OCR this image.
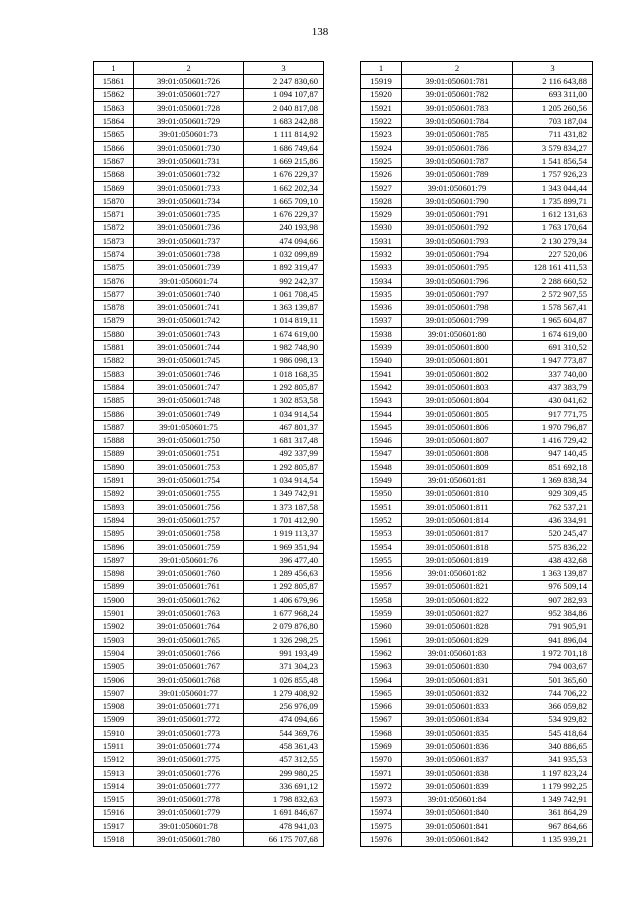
138
1	2	3
15861	39:01:050601:726	2 247 830,60
15862	39:01:050601:727	1 094 107,87
15863	39:01:050601:728	2 040 817,08
15864	39:01:050601:729	1 683 242,88
15865	39:01:050601:73	1 111 814,92
15866	39:01:050601:730	1 686 749,64
15867	39:01:050601:731	1 669 215,86
15868	39:01:050601:732	1 676 229,37
15869	39:01:050601:733	1 662 202,34
15870	39:01:050601:734	1 665 709,10
15871	39:01:050601:735	1 676 229,37
15872	39:01:050601:736	240 193,98
15873	39:01:050601:737	474 094,66
15874	39:01:050601:738	1 032 099,89
15875	39:01:050601:739	1 892 319,47
15876	39:01:050601:74	992 242,37
15877	39:01:050601:740	1 061 708,45
15878	39:01:050601:741	1 363 139,87
15879	39:01:050601:742	1 014 819,11
15880	39:01:050601:743	1 674 619,00
15881	39:01:050601:744	1 982 748,90
15882	39:01:050601:745	1 986 098,13
15883	39:01:050601:746	1 018 168,35
15884	39:01:050601:747	1 292 805,87
15885	39:01:050601:748	1 302 853,58
15886	39:01:050601:749	1 034 914,54
15887	39:01:050601:75	467 801,37
15888	39:01:050601:750	1 681 317,48
15889	39:01:050601:751	492 337,99
15890	39:01:050601:753	1 292 805,87
15891	39:01:050601:754	1 034 914,54
15892	39:01:050601:755	1 349 742,91
15893	39:01:050601:756	1 373 187,58
15894	39:01:050601:757	1 701 412,90
15895	39:01:050601:758	1 919 113,37
15896	39:01:050601:759	1 969 351,94
15897	39:01:050601:76	396 477,40
15898	39:01:050601:760	1 289 456,63
15899	39:01:050601:761	1 292 805,87
15900	39:01:050601:762	1 406 679,96
15901	39:01:050601:763	1 677 968,24
15902	39:01:050601:764	2 079 876,80
15903	39:01:050601:765	1 326 298,25
15904	39:01:050601:766	991 193,49
15905	39:01:050601:767	371 304,23
15906	39:01:050601:768	1 026 855,48
15907	39:01:050601:77	1 279 408,92
15908	39:01:050601:771	256 976,09
15909	39:01:050601:772	474 094,66
15910	39:01:050601:773	544 369,76
15911	39:01:050601:774	458 361,43
15912	39:01:050601:775	457 312,55
15913	39:01:050601:776	299 980,25
15914	39:01:050601:777	336 691,12
15915	39:01:050601:778	1 798 832,63
15916	39:01:050601:779	1 691 846,67
15917	39:01:050601:78	478 941,03
15918	39:01:050601:780	66 175 707,68
1	2	3
15919	39:01:050601:781	2 116 643,88
15920	39:01:050601:782	693 311,00
15921	39:01:050601:783	1 205 260,56
15922	39:01:050601:784	703 187,04
15923	39:01:050601:785	711 431,82
15924	39:01:050601:786	3 579 834,27
15925	39:01:050601:787	1 541 856,54
15926	39:01:050601:789	1 757 926,23
15927	39:01:050601:79	1 343 044,44
15928	39:01:050601:790	1 735 899,71
15929	39:01:050601:791	1 612 131,63
15930	39:01:050601:792	1 763 170,64
15931	39:01:050601:793	2 130 279,34
15932	39:01:050601:794	227 520,06
15933	39:01:050601:795	128 161 411,53
15934	39:01:050601:796	2 288 660,52
15935	39:01:050601:797	2 572 907,55
15936	39:01:050601:798	1 578 567,41
15937	39:01:050601:799	1 965 604,87
15938	39:01:050601:80	1 674 619,00
15939	39:01:050601:800	691 310,52
15940	39:01:050601:801	1 947 773,87
15941	39:01:050601:802	337 740,00
15942	39:01:050601:803	437 383,79
15943	39:01:050601:804	430 041,62
15944	39:01:050601:805	917 771,75
15945	39:01:050601:806	1 970 796,87
15946	39:01:050601:807	1 416 729,42
15947	39:01:050601:808	947 140,45
15948	39:01:050601:809	851 692,18
15949	39:01:050601:81	1 369 838,34
15950	39:01:050601:810	929 309,45
15951	39:01:050601:811	762 537,21
15952	39:01:050601:814	436 334,91
15953	39:01:050601:817	520 245,47
15954	39:01:050601:818	575 836,22
15955	39:01:050601:819	438 432,68
15956	39:01:050601:82	1 363 139,87
15957	39:01:050601:821	976 509,14
15958	39:01:050601:822	907 282,93
15959	39:01:050601:827	952 384,86
15960	39:01:050601:828	791 905,91
15961	39:01:050601:829	941 896,04
15962	39:01:050601:83	1 972 701,18
15963	39:01:050601:830	794 003,67
15964	39:01:050601:831	501 365,60
15965	39:01:050601:832	744 706,22
15966	39:01:050601:833	366 059,82
15967	39:01:050601:834	534 929,82
15968	39:01:050601:835	545 418,64
15969	39:01:050601:836	340 886,65
15970	39:01:050601:837	341 935,53
15971	39:01:050601:838	1 197 823,24
15972	39:01:050601:839	1 179 992,25
15973	39:01:050601:84	1 349 742,91
15974	39:01:050601:840	361 864,29
15975	39:01:050601:841	967 864,66
15976	39:01:050601:842	1 135 939,21
